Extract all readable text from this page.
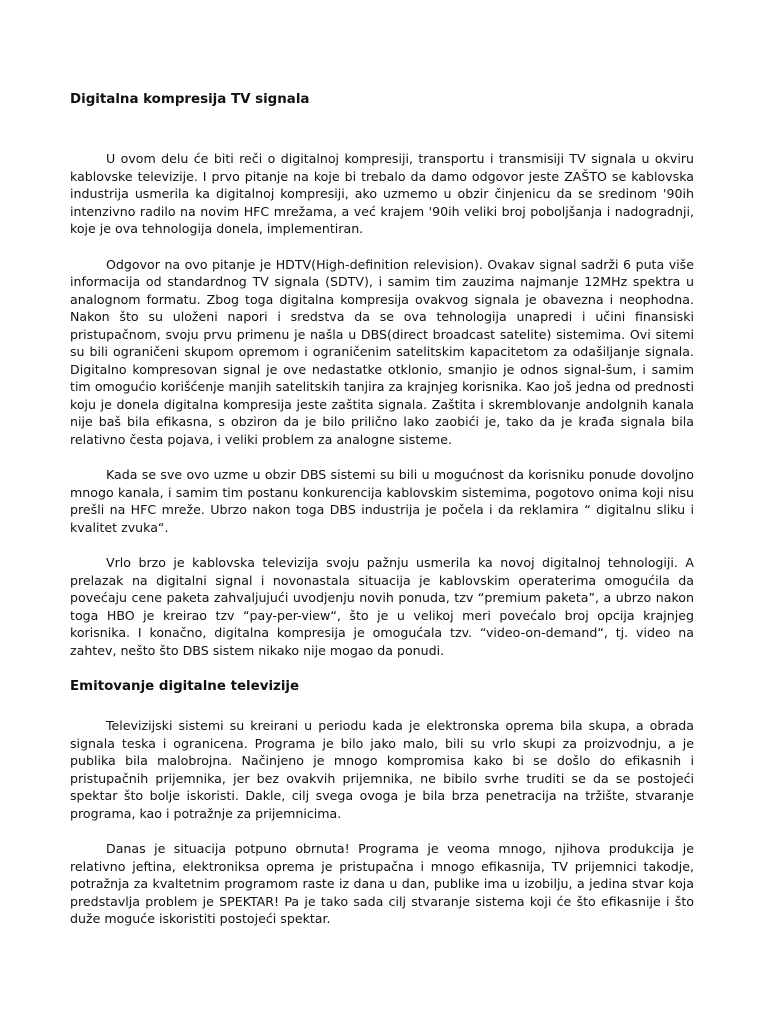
Digitalna kompresija TV signala

U ovom delu će biti reči o digitalnoj kompresiji, transportu i transmisiji TV signala u okviru kablovske televizije. I prvo pitanje na koje bi trebalo da damo odgovor jeste ZAŠTO se kablovska industrija usmerila ka digitalnoj kompresiji, ako uzmemo u obzir činjenicu da se sredinom '90ih intenzivno radilo na novim HFC mrežama, a već krajem '90ih veliki broj poboljšanja i nadogradnji, koje je ova tehnologija donela, implementiran.

Odgovor na ovo pitanje je HDTV(High-definition relevision). Ovakav signal sadrži 6 puta više informacija od standardnog TV signala (SDTV), i samim tim zauzima najmanje 12MHz spektra u analognom formatu. Zbog toga digitalna kompresija ovakvog signala je obavezna i neophodna. Nakon što su uloženi napori i sredstva da se ova tehnologija unapredi i učini finansiski pristupačnom, svoju prvu primenu je našla u DBS(direct broadcast satelite) sistemima. Ovi sitemi su bili ograničeni skupom opremom i ograničenim satelitskim kapacitetom za odašiljanje signala. Digitalno kompresovan signal je ove nedastatke otklonio, smanjio je odnos signal-šum, i samim tim omogućio korišćenje manjih satelitskih tanjira za krajnjeg korisnika. Kao još jedna od prednosti koju je donela digitalna kompresija jeste zaštita signala. Zaštita i skremblovanje andolgnih kanala nije baš bila efikasna, s obziron da je bilo prilično lako zaobići je, tako da je krađa signala bila relativno česta pojava, i veliki problem za analogne sisteme.

Kada se sve ovo uzme u obzir DBS sistemi su bili u mogućnost da korisniku ponude dovoljno mnogo kanala, i samim tim postanu konkurencija kablovskim sistemima, pogotovo onima koji nisu prešli na HFC mreže. Ubrzo nakon toga DBS industrija je počela i da reklamira “ digitalnu sliku i kvalitet zvuka“.

Vrlo brzo je kablovska televizija svoju pažnju usmerila ka novoj digitalnoj tehnologiji. A prelazak na digitalni signal i novonastala situacija je kablovskim operaterima omogućila da povećaju cene paketa zahvaljujući uvodjenju novih ponuda, tzv “premium paketa”, a ubrzo nakon toga HBO je kreirao tzv “pay-per-view“, što je u velikoj meri povećalo broj opcija krajnjeg korisnika. I konačno, digitalna kompresija je omogućala tzv. “video-on-demand“, tj. video na zahtev, nešto što DBS sistem nikako nije mogao da ponudi.

Emitovanje digitalne televizije

Televizijski sistemi su kreirani u periodu kada je elektronska oprema bila skupa, a obrada signala teska i ogranicena. Programa je bilo jako malo, bili su vrlo skupi za proizvodnju, a je publika bila malobrojna. Načinjeno je mnogo kompromisa kako bi se došlo do efikasnih i pristupačnih prijemnika, jer bez ovakvih prijemnika, ne bibilo svrhe truditi se da se postojeći spektar što bolje iskoristi. Dakle, cilj svega ovoga je bila brza penetracija na tržište, stvaranje programa, kao i potražnje za prijemnicima.

Danas je situacija potpuno obrnuta! Programa je veoma mnogo, njihova produkcija je relativno jeftina, elektroniksa oprema je pristupačna i mnogo efikasnija, TV prijemnici takodje, potražnja za kvaltetnim programom raste iz dana u dan, publike ima u izobilju, a jedina stvar koja predstavlja problem je SPEKTAR! Pa je tako sada cilj stvaranje sistema koji će što efikasnije i što duže moguće iskoristiti postojeći spektar.
